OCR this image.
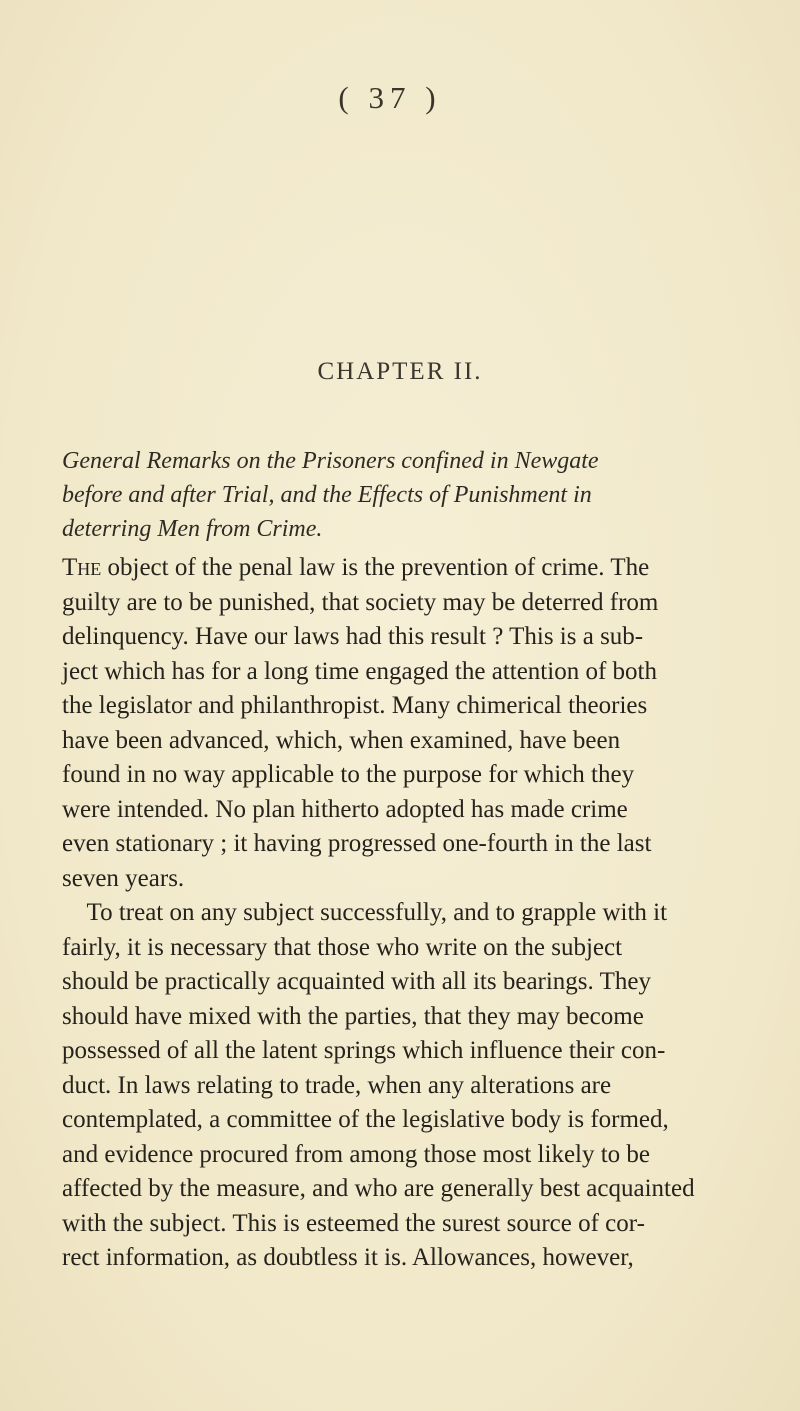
( 37 )
CHAPTER II.
General Remarks on the Prisoners confined in Newgate
before and after Trial, and the Effects of Punishment in
deterring Men from Crime.
The object of the penal law is the prevention of crime. The
guilty are to be punished, that society may be deterred from
delinquency. Have our laws had this result ? This is a sub-
ject which has for a long time engaged the attention of both
the legislator and philanthropist. Many chimerical theories
have been advanced, which, when examined, have been
found in no way applicable to the purpose for which they
were intended. No plan hitherto adopted has made crime
even stationary ; it having progressed one-fourth in the last
seven years.
To treat on any subject successfully, and to grapple with it
fairly, it is necessary that those who write on the subject
should be practically acquainted with all its bearings. They
should have mixed with the parties, that they may become
possessed of all the latent springs which influence their con-
duct. In laws relating to trade, when any alterations are
contemplated, a committee of the legislative body is formed,
and evidence procured from among those most likely to be
affected by the measure, and who are generally best acquainted
with the subject. This is esteemed the surest source of cor-
rect information, as doubtless it is. Allowances, however,
